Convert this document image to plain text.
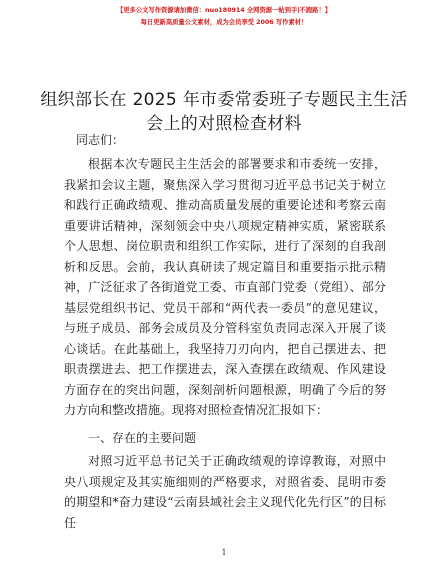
【更多公文写作资源请加微信：nuo180914 全网资源一帖到手|不跑路！】
每日更新高质量公文素材，成为会员享受 2006 写作素材！
组织部长在 2025 年市委常委班子专题民主生活会上的对照检查材料
同志们：

根据本次专题民主生活会的部署要求和市委统一安排，我紧扣会议主题，聚焦深入学习贯彻习近平总书记关于树立和践行正确政绩观、推动高质量发展的重要论述和考察云南重要讲话精神，深刻领会中央八项规定精神实质，紧密联系个人思想、岗位职责和组织工作实际，进行了深刻的自我剖析和反思。会前，我认真研读了规定篇目和重要指示批示精神，广泛征求了各街道党工委、市直部门党委（党组）、部分基层党组织书记、党员干部和“两代表一委员”的意见建议，与班子成员、部务会成员及分管科室负责同志深入开展了谈心谈话。在此基础上，我坚持刀刃向内，把自己摆进去、把职责摆进去、把工作摆进去，深入查摆在政绩观、作风建设方面存在的突出问题，深刻剖析问题根源，明确了今后的努力方向和整改措施。现将对照检查情况汇报如下：

一、存在的主要问题

对照习近平总书记关于正确政绩观的谆谆教诲，对照中央八项规定及其实施细则的严格要求，对照省委、昆明市委的期望和*奋力建设“云南县域社会主义现代化先行区”的目标任

1
